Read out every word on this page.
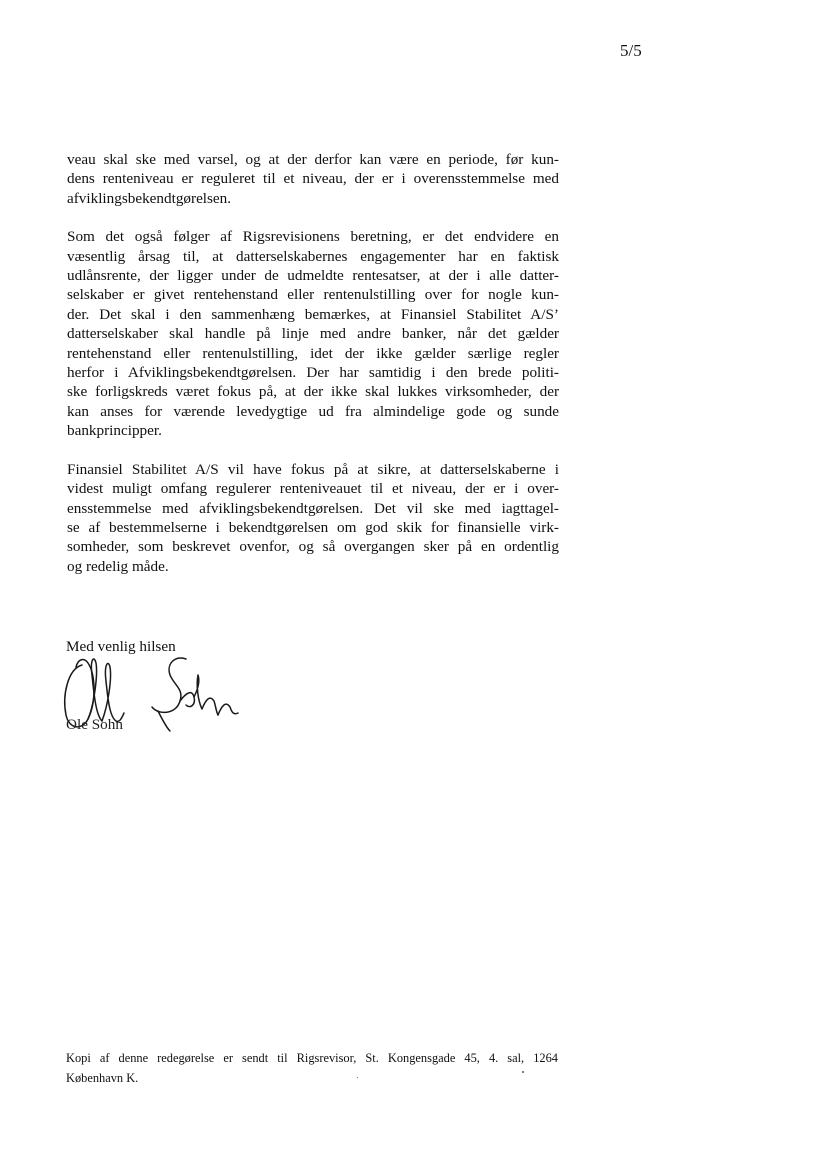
5/5
veau skal ske med varsel, og at der derfor kan være en periode, før kun-
dens renteniveau er reguleret til et niveau, der er i overensstemmelse med
afviklingsbekendtgørelsen.
Som det også følger af Rigsrevisionens beretning, er det endvidere en
væsentlig årsag til, at datterselskabernes engagementer har en faktisk
udlånsrente, der ligger under de udmeldte rentesatser, at der i alle datter-
selskaber er givet rentehenstand eller rentenulstilling over for nogle kun-
der. Det skal i den sammenhæng bemærkes, at Finansiel Stabilitet A/S’
datterselskaber skal handle på linje med andre banker, når det gælder
rentehenstand eller rentenulstilling, idet der ikke gælder særlige regler
herfor i Afviklingsbekendtgørelsen. Der har samtidig i den brede politi-
ske forligskreds været fokus på, at der ikke skal lukkes virksomheder, der
kan anses for værende levedygtige ud fra almindelige gode og sunde
bankprincipper.
Finansiel Stabilitet A/S vil have fokus på at sikre, at datterselskaberne i
videst muligt omfang regulerer renteniveauet til et niveau, der er i over-
ensstemmelse med afviklingsbekendtgørelsen. Det vil ske med iagttagel-
se af bestemmelserne i bekendtgørelsen om god skik for finansielle virk-
somheder, som beskrevet ovenfor, og så overgangen sker på en ordentlig
og redelig måde.
Med venlig hilsen
Ole Sohn
Kopi af denne redegørelse er sendt til Rigsrevisor, St. Kongensgade 45, 4. sal, 1264
København K.
